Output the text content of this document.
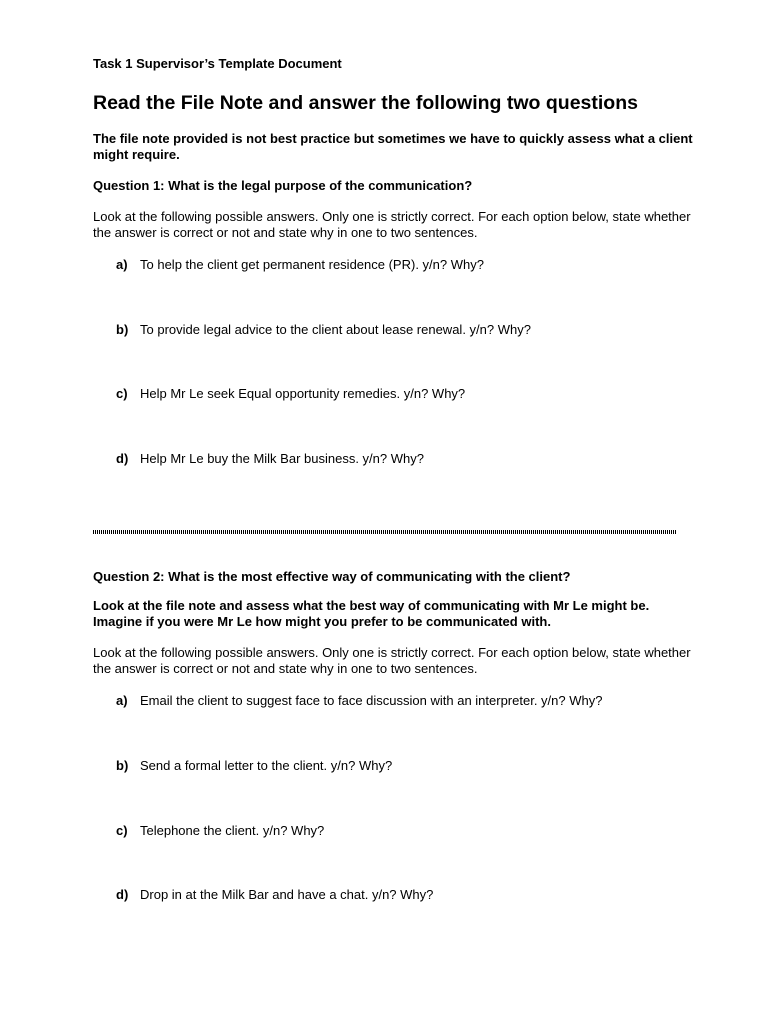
Task 1 Supervisor’s Template Document
Read the File Note and answer the following two questions
The file note provided is not best practice but sometimes we have to quickly assess what a client might require.
Question 1: What is the legal purpose of the communication?
Look at the following possible answers. Only one is strictly correct. For each option below, state whether the answer is correct or not and state why in one to two sentences.
a) To help the client get permanent residence (PR). y/n? Why?
b) To provide legal advice to the client about lease renewal. y/n? Why?
c) Help Mr Le seek Equal opportunity remedies. y/n? Why?
d) Help Mr Le buy the Milk Bar business. y/n? Why?
Question 2: What is the most effective way of communicating with the client?
Look at the file note and assess what the best way of communicating with Mr Le might be. Imagine if you were Mr Le how might you prefer to be communicated with.
Look at the following possible answers. Only one is strictly correct. For each option below, state whether the answer is correct or not and state why in one to two sentences.
a) Email the client to suggest face to face discussion with an interpreter. y/n? Why?
b) Send a formal letter to the client. y/n? Why?
c) Telephone the client. y/n? Why?
d) Drop in at the Milk Bar and have a chat. y/n? Why?
